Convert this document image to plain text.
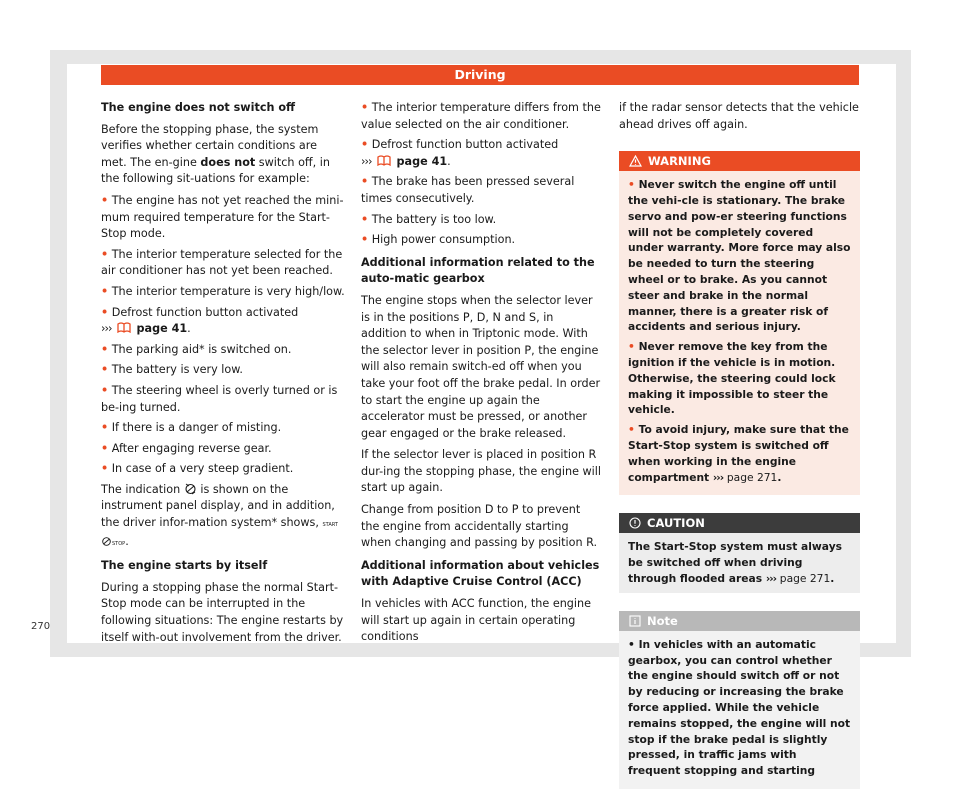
Driving

The engine does not switch off

Before the stopping phase, the system verifies whether certain conditions are met. The en-gine does not switch off, in the following sit-uations for example:

• The engine has not yet reached the mini-mum required temperature for the Start-Stop mode.
• The interior temperature selected for the air conditioner has not yet been reached.
• The interior temperature is very high/low.
• Defrost function button activated
››› page 41.
• The parking aid* is switched on.
• The battery is very low.
• The steering wheel is overly turned or is be-ing turned.
• If there is a danger of misting.
• After engaging reverse gear.
• In case of a very steep gradient.

The indication is shown on the instrument panel display, and in addition, the driver infor-mation system* shows, STARTSTOP.

The engine starts by itself

During a stopping phase the normal Start-Stop mode can be interrupted in the following situations: The engine restarts by itself with-out involvement from the driver.

• The interior temperature differs from the value selected on the air conditioner.
• Defrost function button activated
››› page 41.
• The brake has been pressed several times consecutively.
• The battery is too low.
• High power consumption.

Additional information related to the auto-matic gearbox

The engine stops when the selector lever is in the positions P, D, N and S, in addition to when in Triptonic mode. With the selector lever in position P, the engine will also remain switch-ed off when you take your foot off the brake pedal. In order to start the engine up again the accelerator must be pressed, or another gear engaged or the brake released.

If the selector lever is placed in position R dur-ing the stopping phase, the engine will start up again.

Change from position D to P to prevent the engine from accidentally starting when changing and passing by position R.

Additional information about vehicles with Adaptive Cruise Control (ACC)

In vehicles with ACC function, the engine will start up again in certain operating conditions

if the radar sensor detects that the vehicle ahead drives off again.

WARNING
• Never switch the engine off until the vehi-cle is stationary. The brake servo and pow-er steering functions will not be completely covered under warranty. More force may also be needed to turn the steering wheel or to brake. As you cannot steer and brake in the normal manner, there is a greater risk of accidents and serious injury.
• Never remove the key from the ignition if the vehicle is in motion. Otherwise, the steering could lock making it impossible to steer the vehicle.
• To avoid injury, make sure that the Start-Stop system is switched off when working in the engine compartment ››› page 271.
CAUTION
The Start-Stop system must always be switched off when driving through flooded areas ››› page 271.
Note
• In vehicles with an automatic gearbox, you can control whether the engine should switch off or not by reducing or increasing the brake force applied. While the vehicle remains stopped, the engine will not stop if the brake pedal is slightly pressed, in traffic jams with frequent stopping and starting
270
